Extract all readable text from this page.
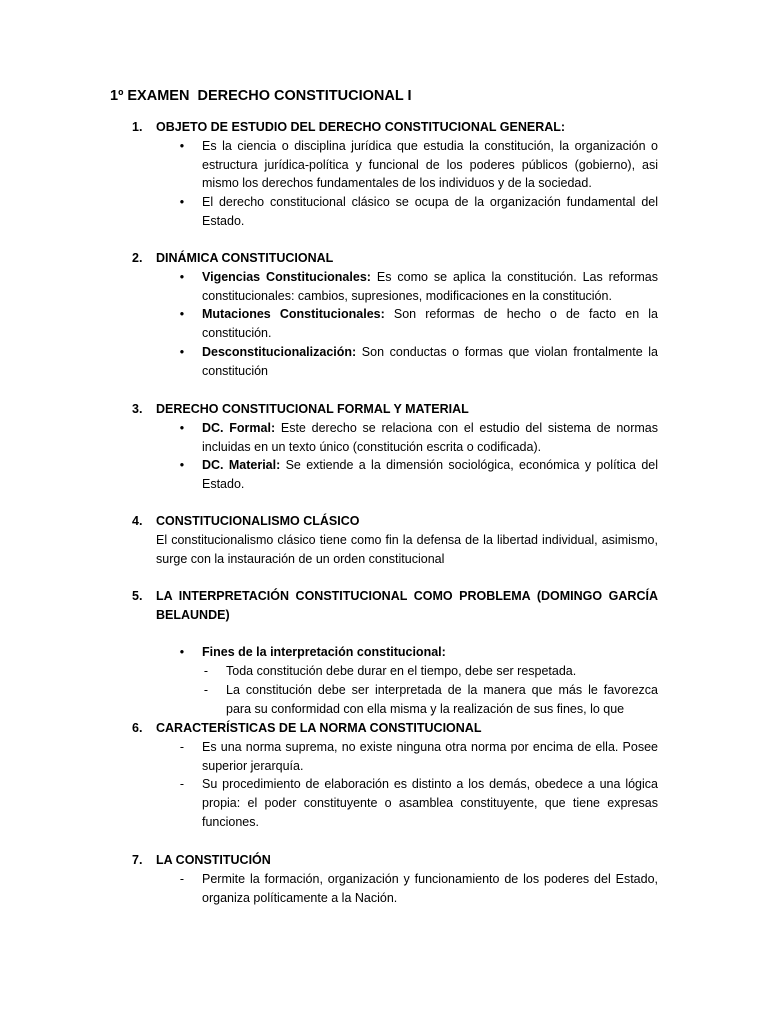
1º EXAMEN  DERECHO CONSTITUCIONAL I
1. OBJETO DE ESTUDIO DEL DERECHO CONSTITUCIONAL GENERAL:
•	Es la ciencia o disciplina jurídica que estudia la constitución, la organización o estructura jurídica-política y funcional de los poderes públicos (gobierno), asi mismo los derechos fundamentales de los individuos y de la sociedad.
•	El derecho constitucional clásico se ocupa de la organización fundamental del Estado.
2. DINÁMICA CONSTITUCIONAL
•	Vigencias Constitucionales: Es como se aplica la constitución. Las reformas constitucionales: cambios, supresiones, modificaciones en la constitución.
•	Mutaciones Constitucionales: Son reformas de hecho o de facto en la constitución.
•	Desconstitucionalización: Son conductas o formas que violan frontalmente la constitución
3. DERECHO CONSTITUCIONAL FORMAL Y MATERIAL
•	DC. Formal: Este derecho se relaciona con el estudio del sistema de normas incluidas en un texto único (constitución escrita o codificada).
•	DC. Material: Se extiende a la dimensión sociológica, económica y política del Estado.
4. CONSTITUCIONALISMO CLÁSICO
El constitucionalismo clásico tiene como fin la defensa de la libertad individual, asimismo, surge con la instauración de un orden constitucional
5. LA INTERPRETACIÓN CONSTITUCIONAL COMO PROBLEMA (DOMINGO GARCÍA BELAUNDE)
•	Fines de la interpretación constitucional:
-	Toda constitución debe durar en el tiempo, debe ser respetada.
-	La constitución debe ser interpretada de la manera que más le favorezca para su conformidad con ella misma y la realización de sus fines, lo que
6. CARACTERÍSTICAS DE LA NORMA CONSTITUCIONAL
-	Es una norma suprema, no existe ninguna otra norma por encima de ella. Posee superior jerarquía.
-	Su procedimiento de elaboración es distinto a los demás, obedece a una lógica propia: el poder constituyente o asamblea constituyente, que tiene expresas funciones.
7. LA CONSTITUCIÓN
-	Permite la formación, organización y funcionamiento de los poderes del Estado, organiza políticamente a la Nación.
